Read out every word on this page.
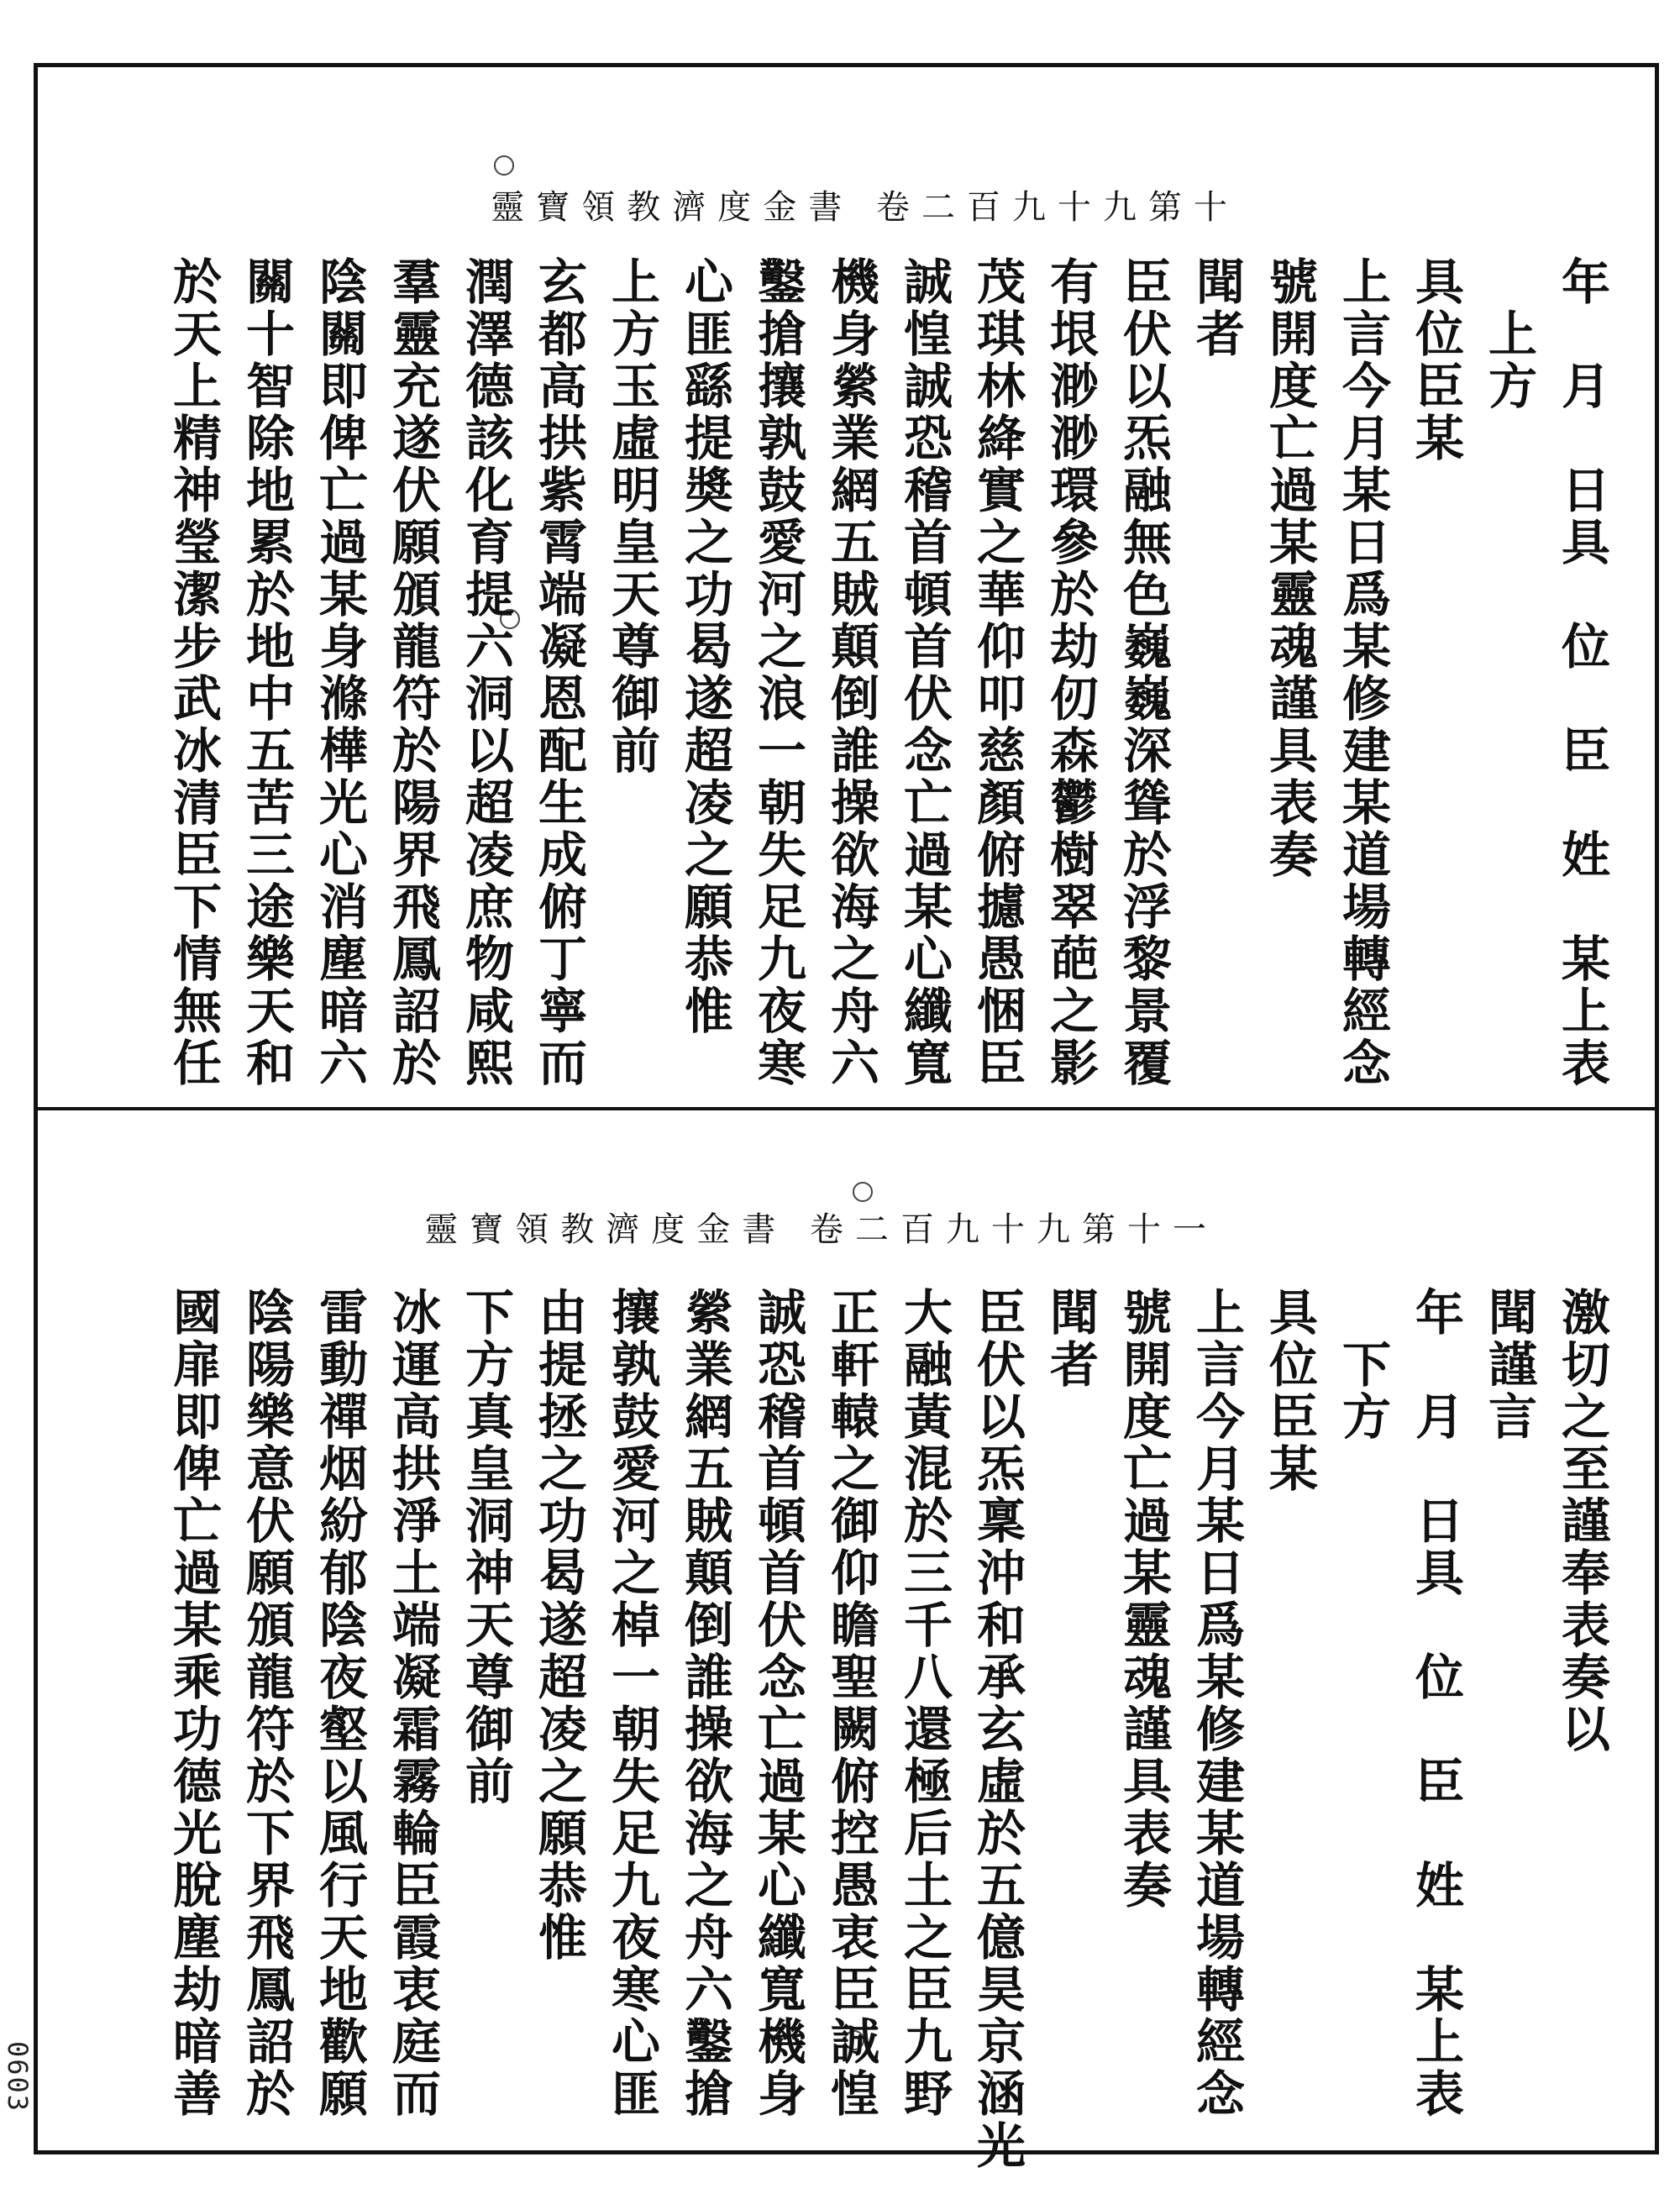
靈寶領教濟度金書 卷二百九十九第十
年　月　日具　位　臣　姓　某上表
　上方
具位臣某
上言今月某日爲某修建某道場轉經念
號開度亡過某靈魂謹具表奏
聞者
臣伏以炁融無色巍巍深聳於浮黎景覆
有垠渺渺環參於劫仞森鬱樹翠葩之影
茂琪林絳實之華仰叩慈顏俯攄愚悃臣
誠惶誠恐稽首頓首伏念亡過某心纖寬
機身縈業網五賊顛倒誰操欲海之舟六
鑿搶攘孰鼓愛河之浪一朝失足九夜寒
心匪繇提奬之功曷遂超凌之願恭惟
上方玉虛明皇天尊御前
玄都高拱紫霄端凝恩配生成俯丁寧而
潤澤德該化育提六洞以超凌庶物咸熙
羣靈充遂伏願頒龍符於陽界飛鳳詔於
陰關即俾亡過某身滌樺光心消塵暗六
關十智除地累於地中五苦三途樂天和
於天上精神瑩潔步武冰清臣下情無任
靈寶領教濟度金書 卷二百九十九第十一
激切之至謹奉表奏以
聞謹言
年　月　日具　位　臣　姓　某上表
　下方
具位臣某
上言今月某日爲某修建某道場轉經念
號開度亡過某靈魂謹具表奏
聞者
臣伏以炁稟沖和承玄虛於五億昊京涵光
大融黃混於三千八還極后土之臣九野
正軒轅之御仰瞻聖闕俯控愚衷臣誠惶
誠恐稽首頓首伏念亡過某心纖寬機身
縈業網五賊顛倒誰操欲海之舟六鑿搶
攘孰鼓愛河之棹一朝失足九夜寒心匪
由提拯之功曷遂超凌之願恭惟
下方真皇洞神天尊御前
冰運高拱淨土端凝霜霧輪臣霞衷庭而
雷動禪烟紛郁陰夜壑以風行天地歡願
陰陽樂意伏願頒龍符於下界飛鳳詔於
國扉即俾亡過某乘功德光脫塵劫暗善
0603
